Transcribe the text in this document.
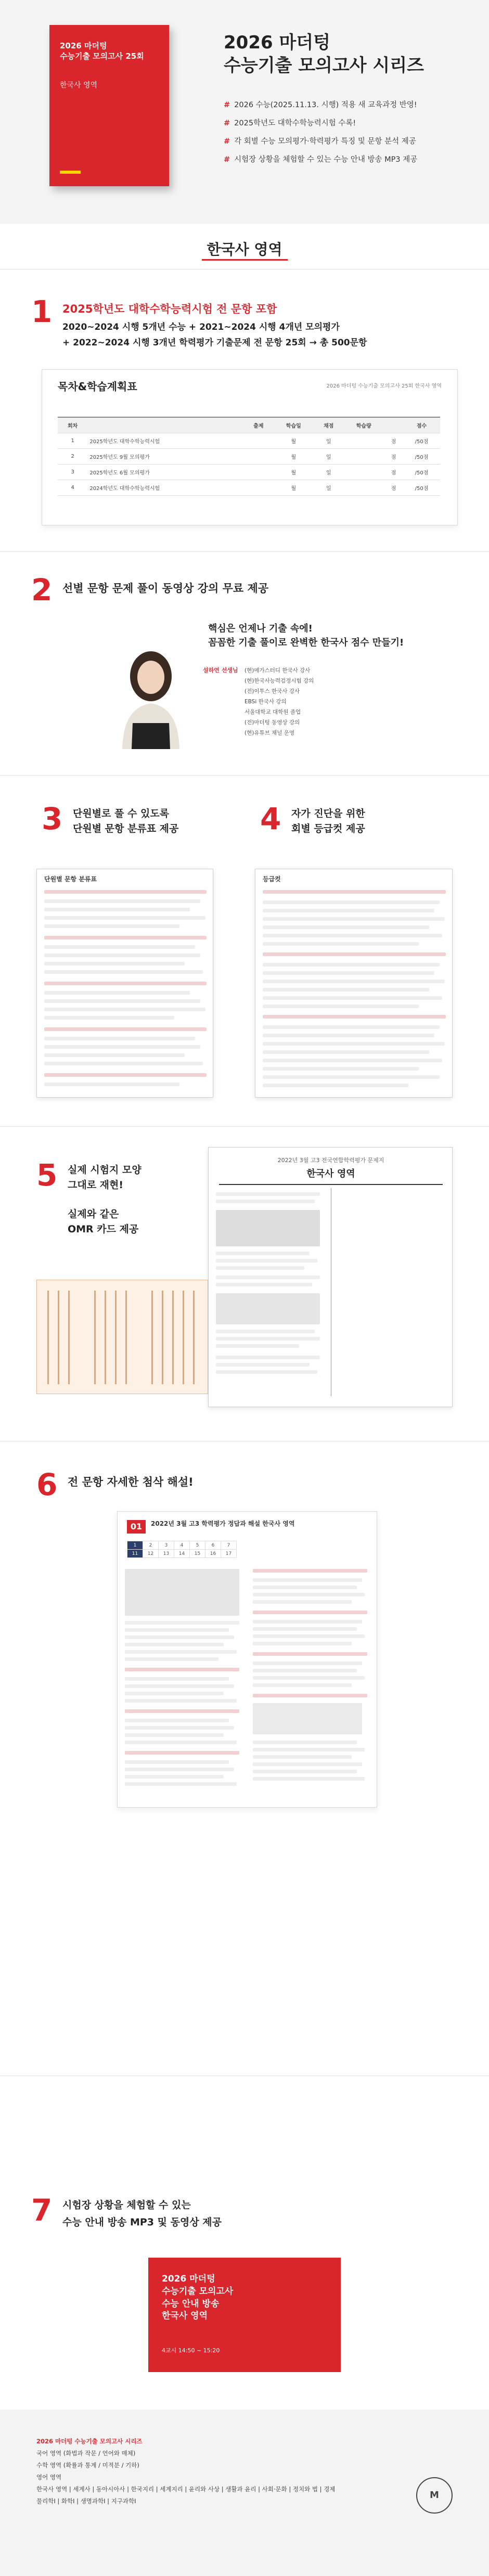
2026 마더텅
수능기출 모의고사 25회
한국사 영역
2026 마더텅
수능기출 모의고사 시리즈
# 2026 수능(2025.11.13. 시행) 적용 새 교육과정 반영!
# 2025학년도 대학수학능력시험 수록!
# 각 회별 수능 모의평가·학력평가 특징 및 문항 분석 제공
# 시험장 상황을 체험할 수 있는 수능 안내 방송 MP3 제공
한국사 영역
1 2025학년도 대학수학능력시험 전 문항 포함
2020~2024 시행 5개년 수능 + 2021~2024 시행 4개년 모의평가
+ 2022~2024 시행 3개년 학력평가 기출문제 전 문항 25회 → 총 500문항
목차&학습계획표	2026 마더텅 수능기출 모의고사 25회 한국사 영역
회차		출제	학습일	채점	학습량		점수
1	2025학년도 대학수학능력시험		월	일		점	/50점
2	2025학년도 9월 모의평가		월	일		점	/50점
3	2025학년도 6월 모의평가		월	일		점	/50점
4	2024학년도 대학수학능력시험		월	일		점	/50점
2 선별 문항 문제 풀이 동영상 강의 무료 제공
핵심은 언제나 기출 속에!
꼼꼼한 기출 풀이로 완벽한 한국사 점수 만들기!
설하연 선생님 (현)메가스터디 한국사 강사
(현)한국사능력검정시험 강의
(전)이투스 한국사 강사
EBSi 한국사 강의
서울대학교 대학원 졸업
(전)마더텅 동영상 강의
(현)유튜브 채널 운영
3 단원별로 풀 수 있도록
단원별 문항 분류표 제공	4 자가 진단을 위한
회별 등급컷 제공
단원별 문항 분류표	등급컷
5 실제 시험지 모양
그대로 재현!
실제와 같은
OMR 카드 제공
2022년 3월 고3 전국연합학력평가 문제지
한국사 영역
6 전 문항 자세한 첨삭 해설!
01	2022년 3월 고3 학력평가 정답과 해설 한국사 영역
1	2	3	4	5	6	7
11	12	13	14	15	16	17
7 시험장 상황을 체험할 수 있는
수능 안내 방송 MP3 및 동영상 제공
2026 마더텅
수능기출 모의고사
수능 안내 방송
한국사 영역
4교시 14:50 ~ 15:20
2026 마더텅 수능기출 모의고사 시리즈
국어 영역 (화법과 작문 / 언어와 매체)
수학 영역 (확률과 통계 / 미적분 / 기하)
영어 영역
한국사 영역 | 세계사 | 동아시아사 | 한국지리 | 세계지리 | 윤리와 사상 | 생활과 윤리 | 사회·문화 | 정치와 법 | 경제
물리학Ⅰ | 화학Ⅰ | 생명과학Ⅰ | 지구과학Ⅰ
M
